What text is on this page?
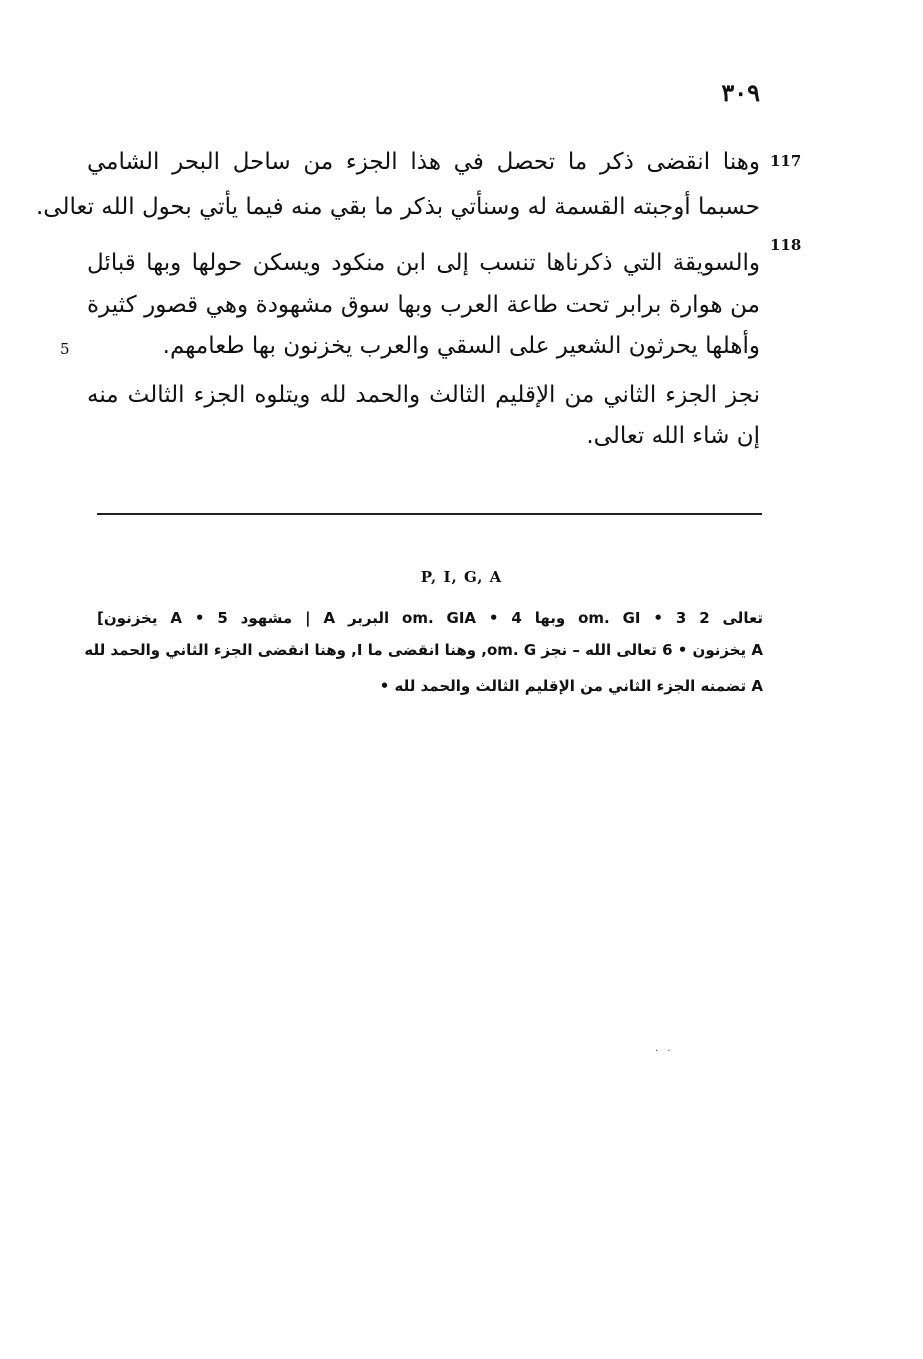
٣٠٩
117
وهنا انقضى ذكر ما تحصل في هذا الجزء من ساحل البحر الشامي
حسبما أوجبته القسمة له وسنأتي بذكر ما بقي منه فيما يأتي بحول الله تعالى.
118
والسويقة التي ذكرناها تنسب إلى ابن منكود ويسكن حولها وبها قبائل
من هوارة برابر تحت طاعة العرب وبها سوق مشهودة وهي قصور كثيرة
وأهلها يحرثون الشعير على السقي والعرب يخزنون بها طعامهم.
5
نجز الجزء الثاني من الإقليم الثالث والحمد لله ويتلوه الجزء الثالث منه
إن شاء الله تعالى.
P, I, G, A
تعالى 2 om. GI • 3 وبها om. GIA • 4 البربر A | مشهود A • 5 يخزنون]
A يخزنون • 6 تعالى الله – نجز om. G, وهنا انقضى ما I, وهنا انقضى الجزء الثاني والحمد لله
A تضمنه الجزء الثاني من الإقليم الثالث والحمد لله •
· ·
